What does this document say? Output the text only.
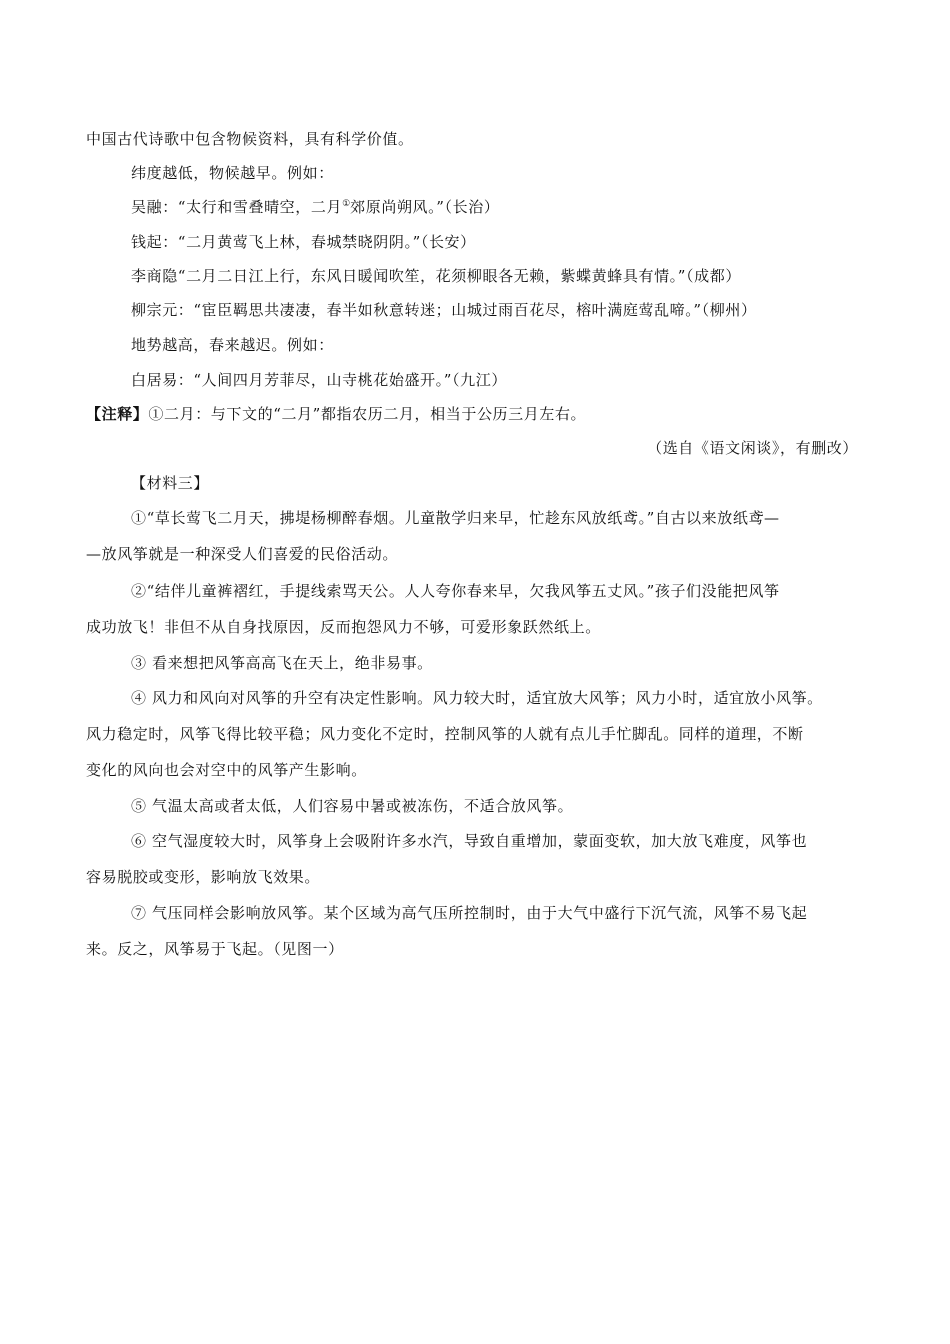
中国古代诗歌中包含物候资料，具有科学价值。
纬度越低，物候越早。例如：
吴融：“太行和雪叠晴空，二月①郊原尚朔风。”（长治）
钱起：“二月黄莺飞上林，春城禁晓阴阴。”（长安）
李商隐“二月二日江上行，东风日暖闻吹笙，花须柳眼各无赖，紫蝶黄蜂具有情。”（成都）
柳宗元：“宦臣羁思共凄凄，春半如秋意转迷；山城过雨百花尽，榕叶满庭莺乱啼。”（柳州）
地势越高，春来越迟。例如：
白居易：“人间四月芳菲尽，山寺桃花始盛开。”（九江）
【注释】①二月：与下文的“二月”都指农历二月，相当于公历三月左右。
（选自《语文闲谈》，有删改）
【材料三】
①“草长莺飞二月天，拂堤杨柳醉春烟。儿童散学归来早，忙趁东风放纸鸢。”自古以来放纸鸢—
—放风筝就是一种深受人们喜爱的民俗活动。
②“结伴儿童裤褶红，手提线索骂天公。人人夸你春来早，欠我风筝五丈风。”孩子们没能把风筝
成功放飞！非但不从自身找原因，反而抱怨风力不够，可爱形象跃然纸上。
③ 看来想把风筝高高飞在天上，绝非易事。
④ 风力和风向对风筝的升空有决定性影响。风力较大时，适宜放大风筝；风力小时，适宜放小风筝。
风力稳定时，风筝飞得比较平稳；风力变化不定时，控制风筝的人就有点儿手忙脚乱。同样的道理，不断
变化的风向也会对空中的风筝产生影响。
⑤ 气温太高或者太低，人们容易中暑或被冻伤，不适合放风筝。
⑥ 空气湿度较大时，风筝身上会吸附许多水汽，导致自重增加，蒙面变软，加大放飞难度，风筝也
容易脱胶或变形，影响放飞效果。
⑦ 气压同样会影响放风筝。某个区域为高气压所控制时，由于大气中盛行下沉气流，风筝不易飞起
来。反之，风筝易于飞起。（见图一）
